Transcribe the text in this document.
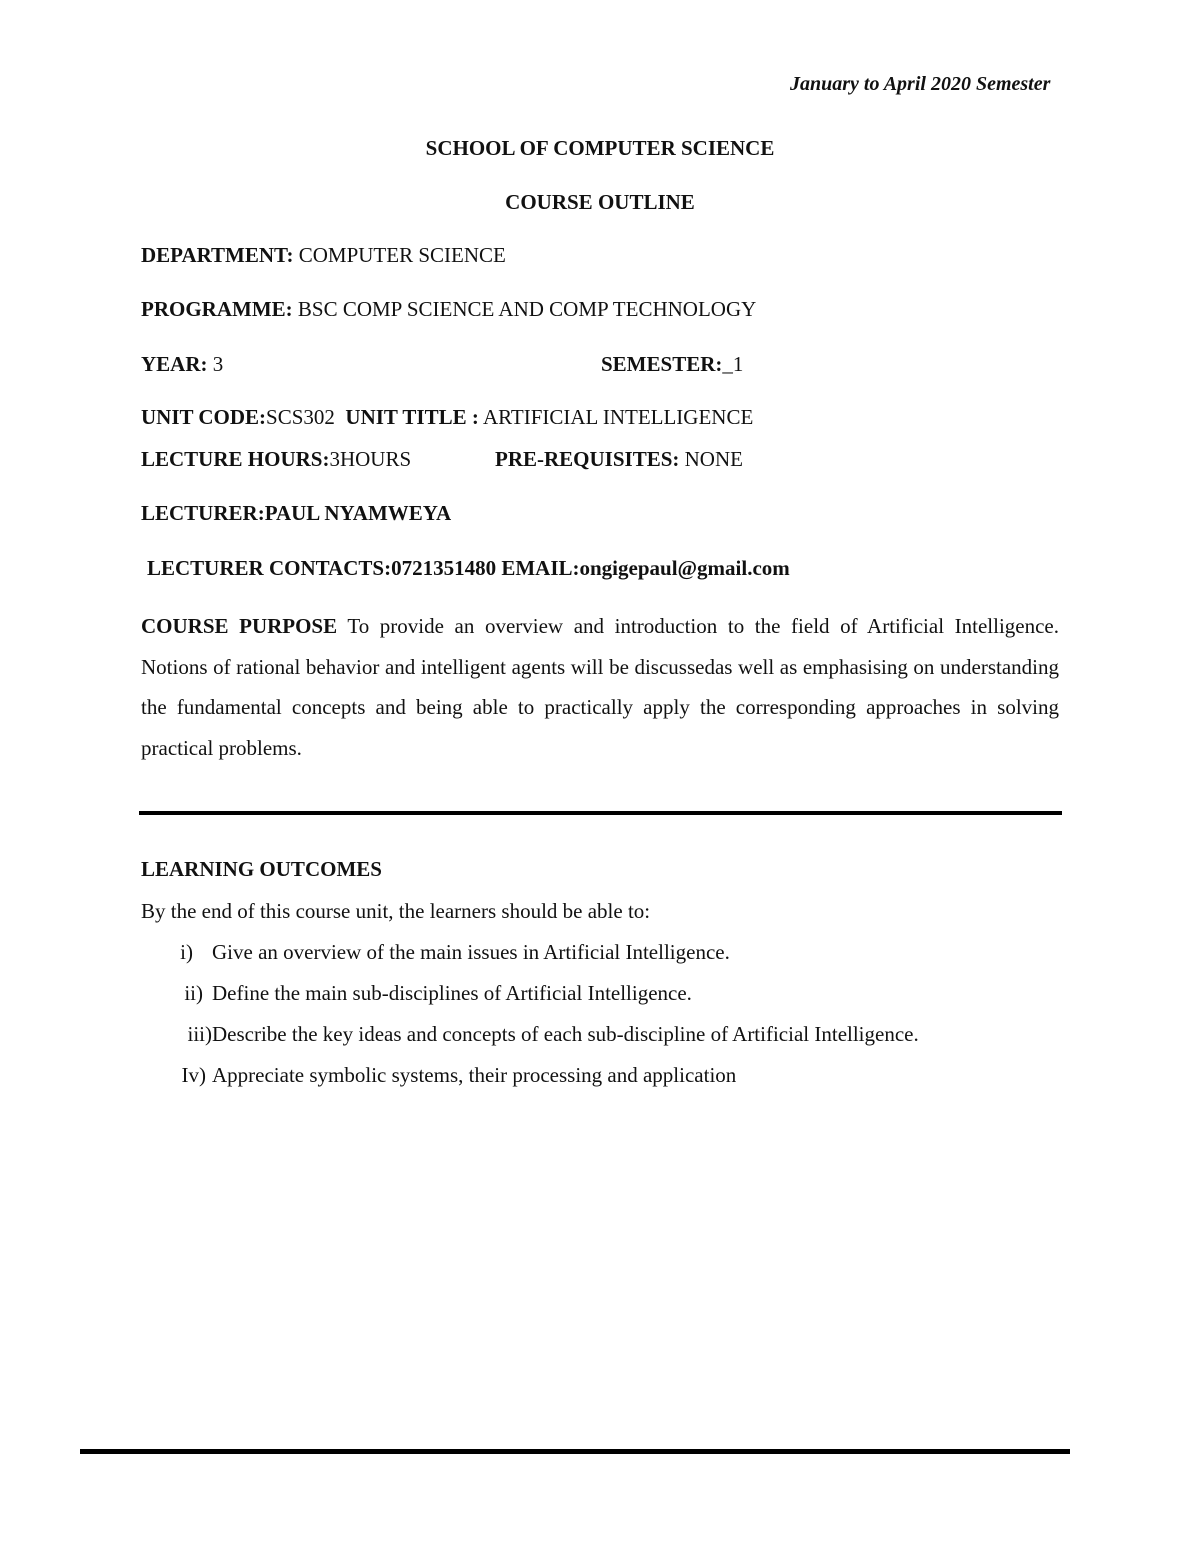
January to April 2020 Semester
SCHOOL OF COMPUTER SCIENCE
COURSE OUTLINE
DEPARTMENT: COMPUTER SCIENCE
PROGRAMME: BSC COMP SCIENCE AND COMP TECHNOLOGY
YEAR: 3	SEMESTER:_1
UNIT CODE:SCS302 UNIT TITLE : ARTIFICIAL INTELLIGENCE
LECTURE HOURS:3HOURS	PRE-REQUISITES: NONE
LECTURER:PAUL NYAMWEYA
LECTURER CONTACTS:0721351480 EMAIL:ongigepaul@gmail.com
COURSE PURPOSE To provide an overview and introduction to the field of Artificial Intelligence. Notions of rational behavior and intelligent agents will be discussedas well as emphasising on understanding the fundamental concepts and being able to practically apply the corresponding approaches in solving practical problems.
LEARNING OUTCOMES
By the end of this course unit, the learners should be able to:
i) Give an overview of the main issues in Artificial Intelligence.
ii) Define the main sub-disciplines of Artificial Intelligence.
iii) Describe the key ideas and concepts of each sub-discipline of Artificial Intelligence.
Iv) Appreciate symbolic systems, their processing and application
